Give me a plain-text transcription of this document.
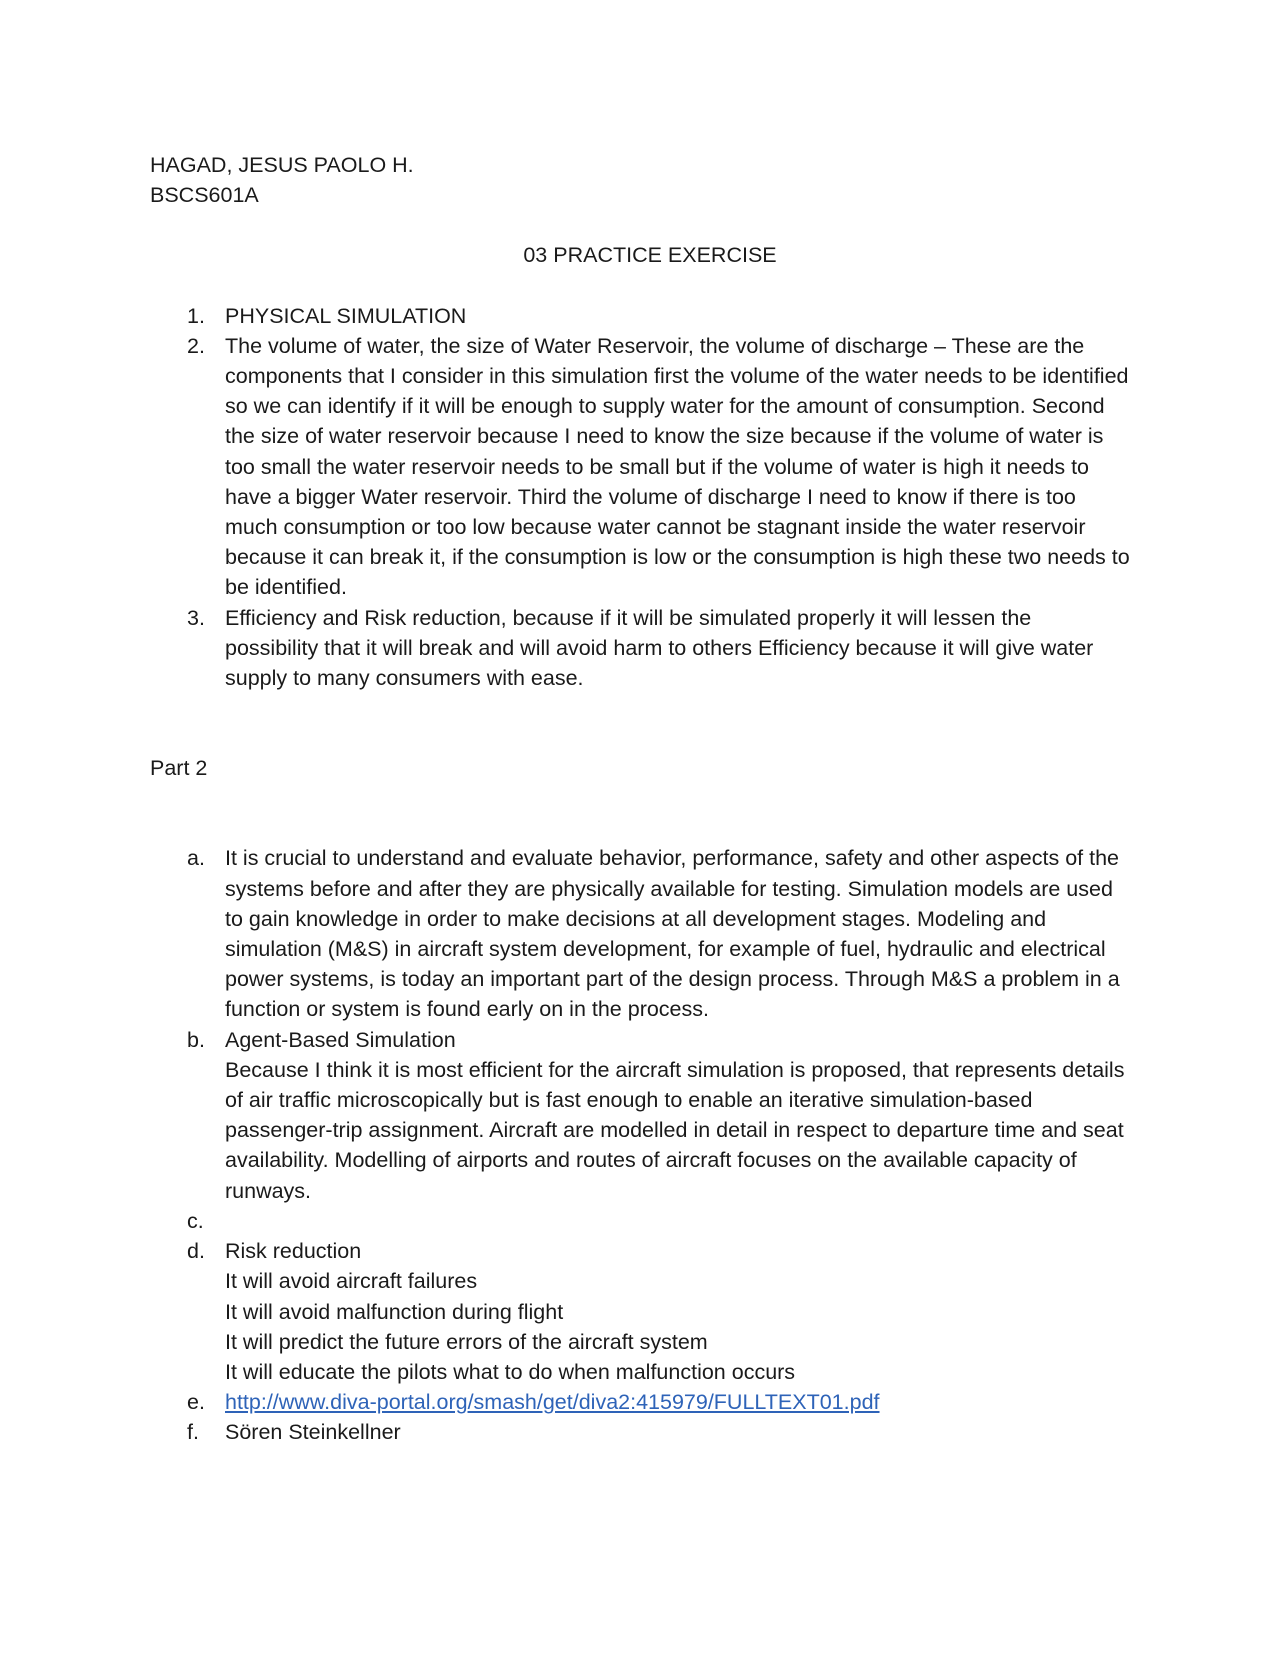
HAGAD, JESUS PAOLO H.

BSCS601A

03 PRACTICE EXERCISE

1. PHYSICAL SIMULATION
2. The volume of water, the size of Water Reservoir, the volume of discharge – These are the components that I consider in this simulation first the volume of the water needs to be identified so we can identify if it will be enough to supply water for the amount of consumption. Second the size of water reservoir because I need to know the size because if the volume of water is too small the water reservoir needs to be small but if the volume of water is high it needs to have a bigger Water reservoir. Third the volume of discharge I need to know if there is too much consumption or too low because water cannot be stagnant inside the water reservoir because it can break it, if the consumption is low or the consumption is high these two needs to be identified.
3. Efficiency and Risk reduction, because if it will be simulated properly it will lessen the possibility that it will break and will avoid harm to others Efficiency because it will give water supply to many consumers with ease.

Part 2

a. It is crucial to understand and evaluate behavior, performance, safety and other aspects of the systems before and after they are physically available for testing. Simulation models are used to gain knowledge in order to make decisions at all development stages. Modeling and simulation (M&S) in aircraft system development, for example of fuel, hydraulic and electrical power systems, is today an important part of the design process. Through M&S a problem in a function or system is found early on in the process.
b. Agent-Based Simulation
Because I think it is most efficient for the aircraft simulation is proposed, that represents details of air traffic microscopically but is fast enough to enable an iterative simulation-based passenger-trip assignment. Aircraft are modelled in detail in respect to departure time and seat availability. Modelling of airports and routes of aircraft focuses on the available capacity of runways.
c.

d. Risk reduction
It will avoid aircraft failures
It will avoid malfunction during flight
It will predict the future errors of the aircraft system
It will educate the pilots what to do when malfunction occurs
e. http://www.diva-portal.org/smash/get/diva2:415979/FULLTEXT01.pdf
f. Sören Steinkellner
